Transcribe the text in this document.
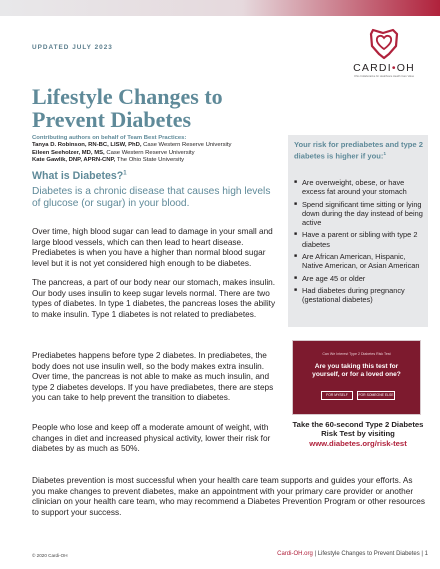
UPDATED JULY 2023
CARDI•OH
Ohio Collaborative for Healthcare Health Care Value
Lifestyle Changes to
Prevent Diabetes
Contributing authors on behalf of Team Best Practices:
Tanya D. Robinson, RN-BC, LISW, PhD, Case Western Reserve University
Eileen Seeholzer, MD, MS, Case Western Reserve University
Kate Gawlik, DNP, APRN-CNP, The Ohio State University
What is Diabetes?$^1$

Diabetes is a chronic disease that causes high levels of glucose (or sugar) in your blood.

Over time, high blood sugar can lead to damage in your small and large blood vessels, which can then lead to heart disease. Prediabetes is when you have a higher than normal blood sugar level but it is not yet considered high enough to be diabetes.

The pancreas, a part of our body near our stomach, makes insulin. Our body uses insulin to keep sugar levels normal. There are two types of diabetes. In type 1 diabetes, the pancreas loses the ability to make insulin. Type 1 diabetes is not related to prediabetes.

Prediabetes happens before type 2 diabetes. In prediabetes, the body does not use insulin well, so the body makes extra insulin. Over time, the pancreas is not able to make as much insulin, and type 2 diabetes develops. If you have prediabetes, there are steps you can take to help prevent the transition to diabetes.

People who lose and keep off a moderate amount of weight, with changes in diet and increased physical activity, lower their risk for diabetes by as much as 50%.

Your risk for prediabetes and type 2 diabetes is higher if you:$^1$

■ Are overweight, obese, or have excess fat around your stomach
■ Spend significant time sitting or lying down during the day instead of being active
■ Have a parent or sibling with type 2 diabetes
■ Are African American, Hispanic, Native American, or Asian American
■ Are age 45 or older
■ Had diabetes during pregnancy (gestational diabetes)
Can We Interest Type 2 Diabetes Risk Test
Are you taking this test for yourself, or for a loved one?
FOR MYSELF	FOR SOMEONE ELSE

Take the 60-second Type 2 Diabetes Risk Test by visiting
www.diabetes.org/risk-test

Diabetes prevention is most successful when your health care team supports and guides your efforts. As you make changes to prevent diabetes, make an appointment with your primary care provider or another clinician on your health care team, who may recommend a Diabetes Prevention Program or other resources to support your success.

© 2020 Cardi-OH	Cardi-OH.org | Lifestyle Changes to Prevent Diabetes | 1
